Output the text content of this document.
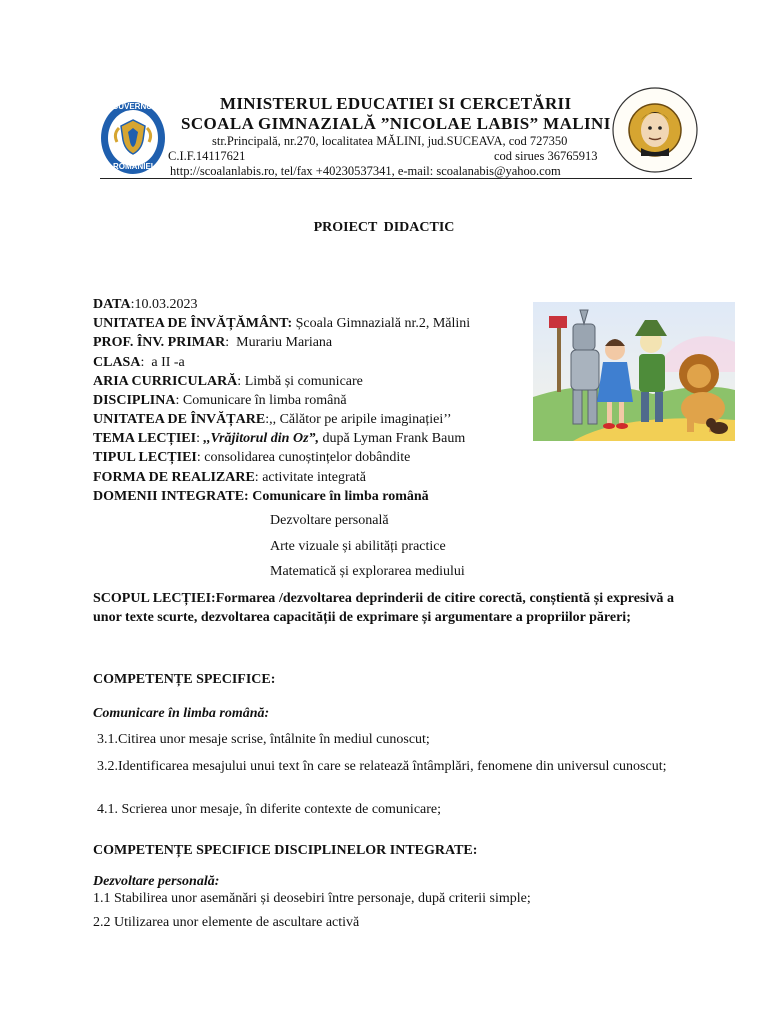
GUVERNUL
ROMÂNIEI
MINISTERUL EDUCATIEI SI CERCETĂRII
SCOALA GIMNAZIALĂ ”NICOLAE LABIS” MALINI
str.Principală, nr.270, localitatea MĂLINI, jud.SUCEAVA, cod 727350
C.I.F.14117621	cod sirues 36765913
http://scoalanlabis.ro, tel/fax +40230537341, e-mail: scoalanabis@yahoo.com
PROIECT DIDACTIC
DATA:10.03.2023
UNITATEA DE ÎNVĂȚĂMÂNT: Școala Gimnazială nr.2, Mălini
PROF. ÎNV. PRIMAR:  Murariu Mariana
CLASA:  a II -a
ARIA CURRICULARĂ: Limbă și comunicare
DISCIPLINA: Comunicare în limba română
UNITATEA DE ÎNVĂȚARE:,, Călător pe aripile imaginației’’
TEMA LECȚIEI: ,,Vrăjitorul din Oz”, după Lyman Frank Baum
TIPUL LECȚIEI: consolidarea cunoștințelor dobândite
FORMA DE REALIZARE: activitate integrată
DOMENII INTEGRATE: Comunicare în limba română
Dezvoltare personală
Arte vizuale și abilități practice
Matematică și explorarea mediului
SCOPUL LECȚIEI:Formarea /dezvoltarea deprinderii de citire corectă, conștientă și expresivă a unor texte scurte, dezvoltarea capacității de exprimare și argumentare a propriilor păreri;
COMPETENȚE SPECIFICE:
Comunicare în limba română:
3.1.Citirea unor mesaje scrise, întâlnite în mediul cunoscut;
3.2.Identificarea mesajului unui text în care se relatează întâmplări, fenomene din universul cunoscut;
4.1. Scrierea unor mesaje, în diferite contexte de comunicare;
COMPETENȚE SPECIFICE DISCIPLINELOR INTEGRATE:
Dezvoltare personală:
1.1 Stabilirea unor asemănări și deosebiri între personaje, după criterii simple;
2.2 Utilizarea unor elemente de ascultare activă
